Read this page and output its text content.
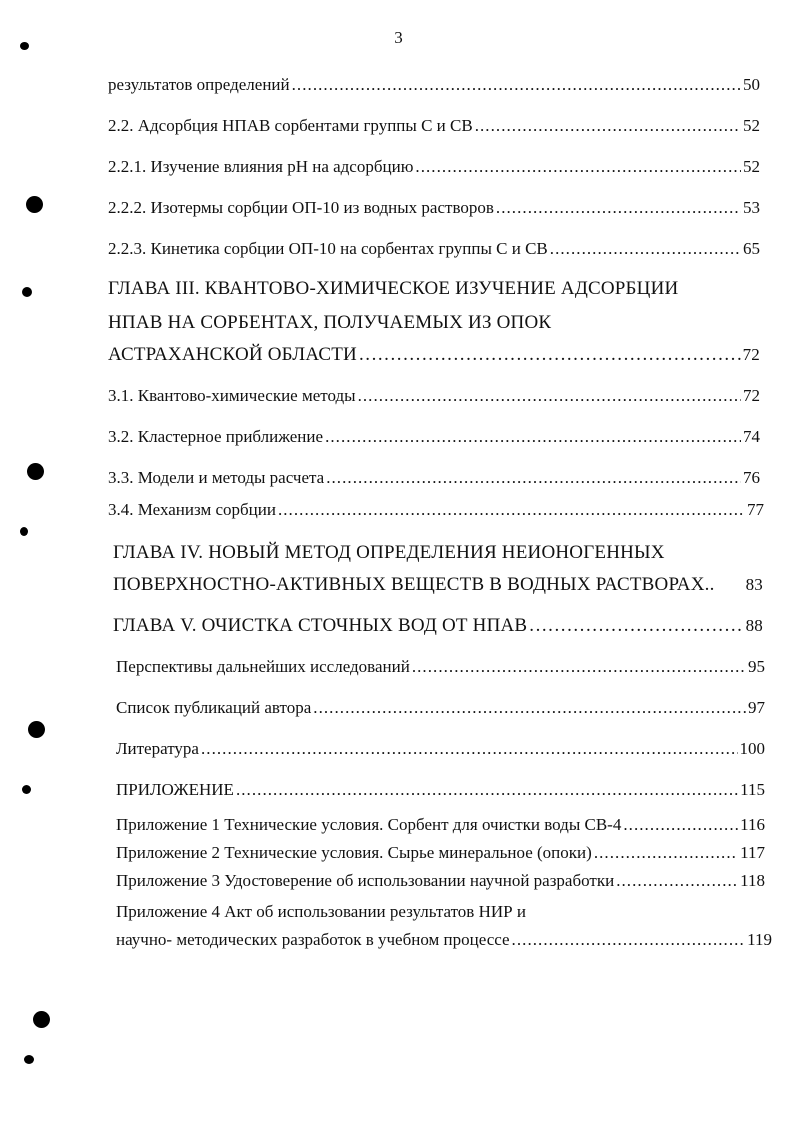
3
результатов определений . . .	50
2.2. Адсорбция НПАВ сорбентами группы С и СВ . . .	52
2.2.1. Изучение влияния рН на адсорбцию . . .	52
2.2.2. Изотермы сорбции ОП-10 из водных растворов . . .	53
2.2.3. Кинетика сорбции ОП-10 на сорбентах группы С и СВ . . .	65
ГЛАВА III. КВАНТОВО-ХИМИЧЕСКОЕ ИЗУЧЕНИЕ АДСОРБЦИИ
НПАВ НА СОРБЕНТАХ, ПОЛУЧАЕМЫХ ИЗ ОПОК
АСТРАХАНСКОЙ ОБЛАСТИ . . .	72
3.1. Квантово-химические методы . . .	72
3.2. Кластерное приближение . . .	74
3.3. Модели и методы расчета . . .	76
3.4. Механизм сорбции . . .	77
ГЛАВА IV. НОВЫЙ МЕТОД ОПРЕДЕЛЕНИЯ НЕИОНОГЕННЫХ
ПОВЕРХНОСТНО-АКТИВНЫХ ВЕЩЕСТВ В ВОДНЫХ РАСТВОРАХ.. 83
ГЛАВА V. ОЧИСТКА СТОЧНЫХ ВОД ОТ НПАВ . . .	88
Перспективы дальнейших исследований . . .	95
Список публикаций автора . . .	97
Литература . . .	100
ПРИЛОЖЕНИЕ . . .	115
Приложение 1 Технические условия. Сорбент для очистки воды СВ-4 . . .	116
Приложение 2 Технические условия. Сырье минеральное (опоки) . . .	117
Приложение 3 Удостоверение об использовании научной разработки . . .	118
Приложение 4 Акт об использовании результатов НИР и
научно- методических разработок в учебном процессе . . .	119
